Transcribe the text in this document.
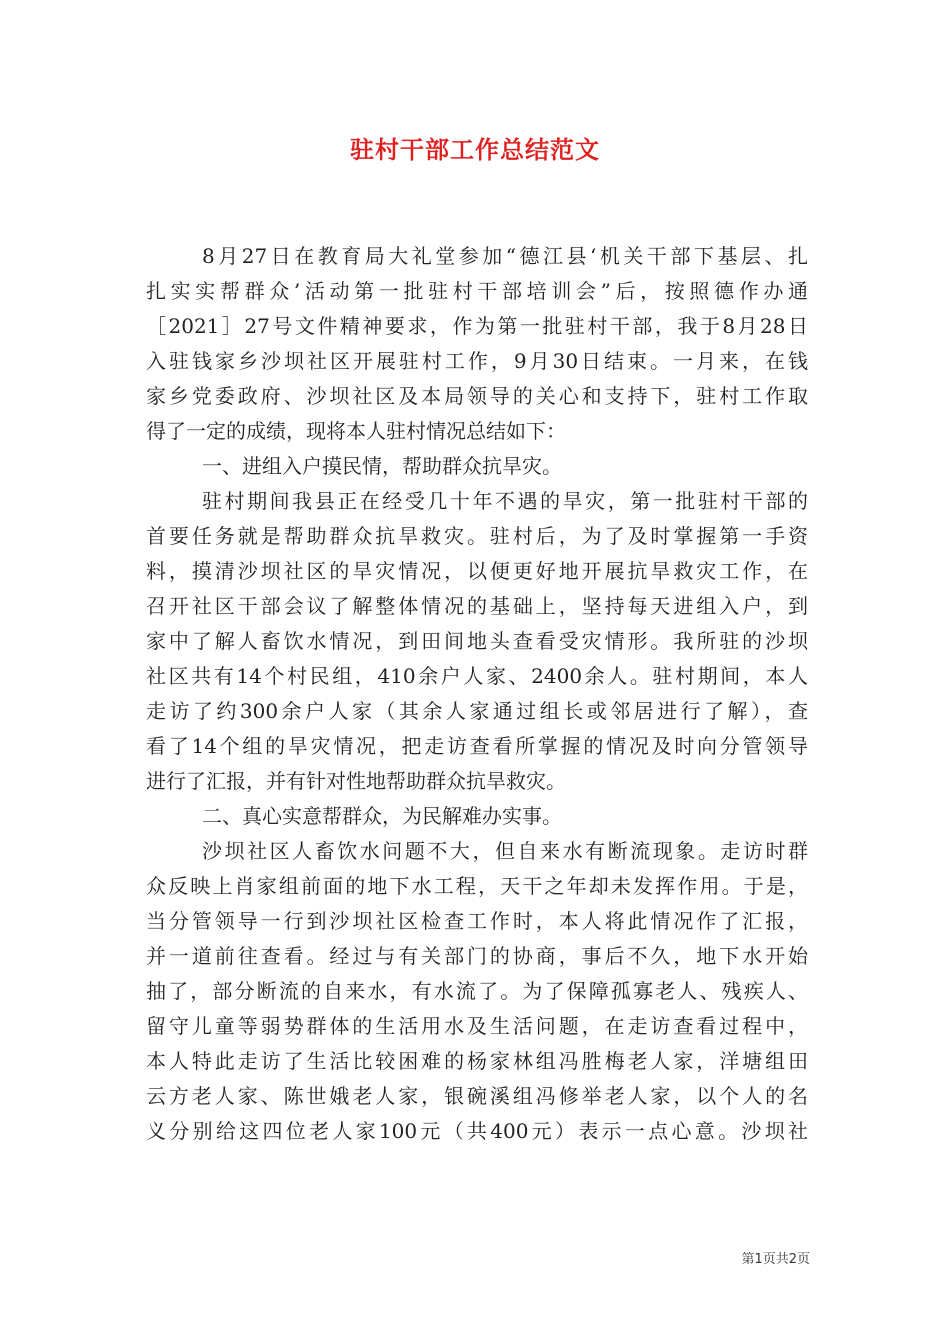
驻村干部工作总结范文
8月27日在教育局大礼堂参加“德江县‘机关干部下基层、扎
扎实实帮群众’活动第一批驻村干部培训会”后，按照德作办通
［2021］27号文件精神要求，作为第一批驻村干部，我于8月28日
入驻钱家乡沙坝社区开展驻村工作，9月30日结束。一月来，在钱
家乡党委政府、沙坝社区及本局领导的关心和支持下，驻村工作取
得了一定的成绩，现将本人驻村情况总结如下：
一、进组入户摸民情，帮助群众抗旱灾。
驻村期间我县正在经受几十年不遇的旱灾，第一批驻村干部的
首要任务就是帮助群众抗旱救灾。驻村后，为了及时掌握第一手资
料，摸清沙坝社区的旱灾情况，以便更好地开展抗旱救灾工作，在
召开社区干部会议了解整体情况的基础上，坚持每天进组入户，到
家中了解人畜饮水情况，到田间地头查看受灾情形。我所驻的沙坝
社区共有14个村民组，410余户人家、2400余人。驻村期间，本人
走访了约300余户人家（其余人家通过组长或邻居进行了解），查
看了14个组的旱灾情况，把走访查看所掌握的情况及时向分管领导
进行了汇报，并有针对性地帮助群众抗旱救灾。
二、真心实意帮群众，为民解难办实事。
沙坝社区人畜饮水问题不大，但自来水有断流现象。走访时群
众反映上肖家组前面的地下水工程，天干之年却未发挥作用。于是，
当分管领导一行到沙坝社区检查工作时，本人将此情况作了汇报，
并一道前往查看。经过与有关部门的协商，事后不久，地下水开始
抽了，部分断流的自来水，有水流了。为了保障孤寡老人、残疾人、
留守儿童等弱势群体的生活用水及生活问题，在走访查看过程中，
本人特此走访了生活比较困难的杨家林组冯胜梅老人家，洋塘组田
云方老人家、陈世娥老人家，银碗溪组冯修举老人家，以个人的名
义分别给这四位老人家100元（共400元）表示一点心意。沙坝社
第1页共2页
